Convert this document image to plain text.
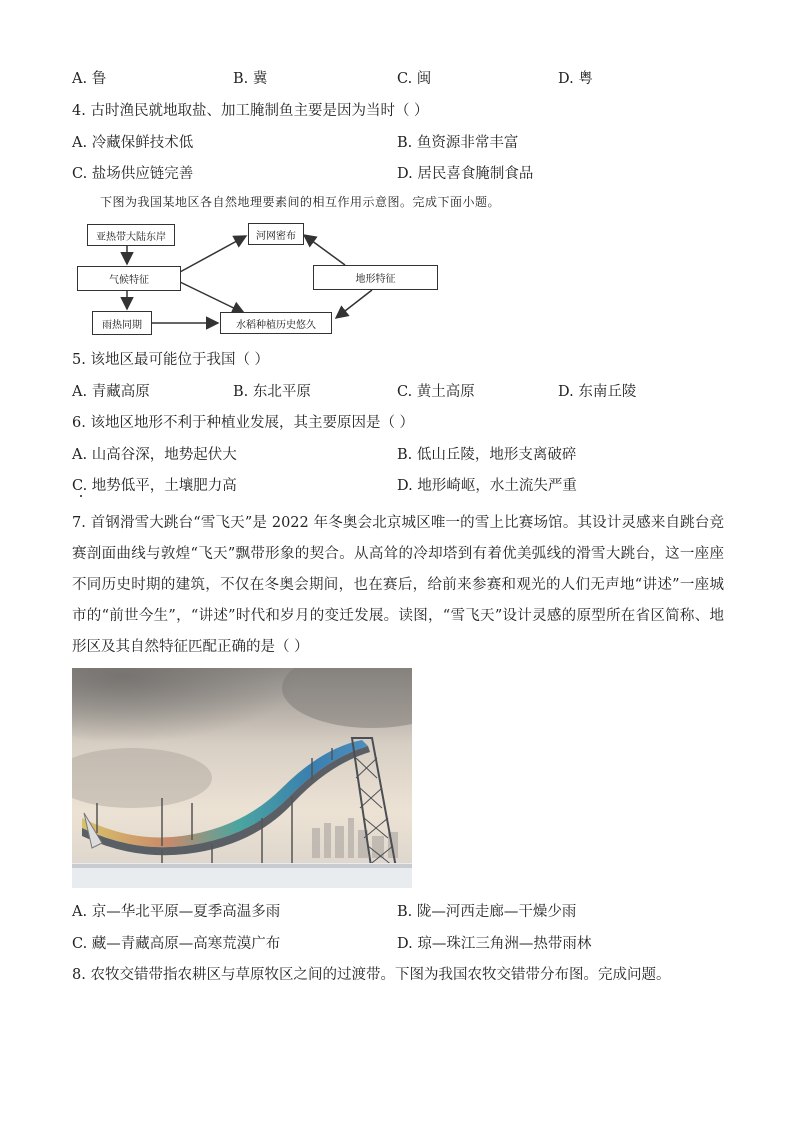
A. 鲁	B. 冀	C. 闽	D. 粤
4. 古时渔民就地取盐、加工腌制鱼主要是因为当时（ ）
A. 冷藏保鲜技术低	B. 鱼资源非常丰富
C. 盐场供应链完善	D. 居民喜食腌制食品
下图为我国某地区各自然地理要素间的相互作用示意图。完成下面小题。
亚热带大陆东岸
气候特征
雨热同期
河网密布
地形特征
水稻种植历史悠久
5. 该地区最可能位于我国（ ）
A. 青藏高原	B. 东北平原	C. 黄土高原	D. 东南丘陵
6. 该地区地形不利于种植业发展，其主要原因是（ ）
A. 山高谷深，地势起伏大	B. 低山丘陵，地形支离破碎
C. 地势低平，土壤肥力高	D. 地形崎岖，水土流失严重
7. 首钢滑雪大跳台“雪飞天”是 2022 年冬奥会北京城区唯一的雪上比赛场馆。其设计灵感来自跳台竞赛剖面曲线与敦煌“飞天”飘带形象的契合。从高耸的冷却塔到有着优美弧线的滑雪大跳台，这一座座不同历史时期的建筑，不仅在冬奥会期间，也在赛后，给前来参赛和观光的人们无声地“讲述”一座城市的“前世今生”，“讲述”时代和岁月的变迁发展。读图，“雪飞天”设计灵感的原型所在省区简称、地形区及其自然特征匹配正确的是（ ）
A. 京—华北平原—夏季高温多雨	B. 陇—河西走廊—干燥少雨
C. 藏—青藏高原—高寒荒漠广布	D. 琼—珠江三角洲—热带雨林
8. 农牧交错带指农耕区与草原牧区之间的过渡带。下图为我国农牧交错带分布图。完成问题。
